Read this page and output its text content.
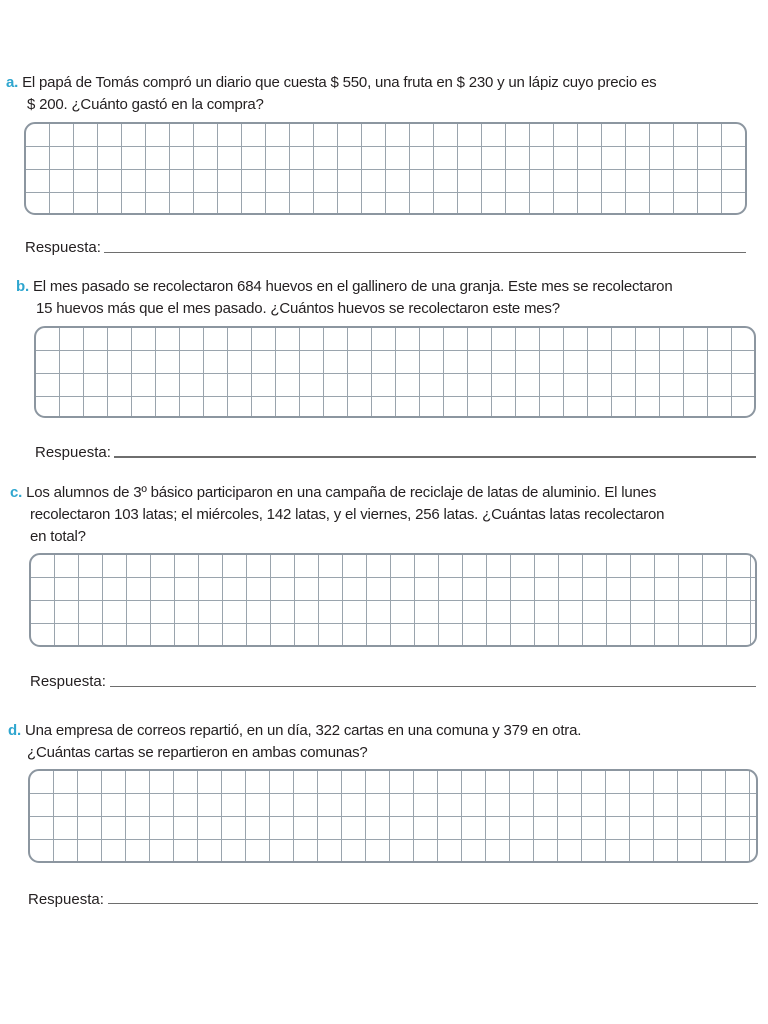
a. El papá de Tomás compró un diario que cuesta $ 550, una fruta en $ 230 y un lápiz cuyo precio es
$ 200. ¿Cuánto gastó en la compra?
Respuesta:
b. El mes pasado se recolectaron 684 huevos en el gallinero de una granja. Este mes se recolectaron
15 huevos más que el mes pasado. ¿Cuántos huevos se recolectaron este mes?
Respuesta:
c. Los alumnos de 3º básico participaron en una campaña de reciclaje de latas de aluminio. El lunes
recolectaron 103 latas; el miércoles, 142 latas, y el viernes, 256 latas. ¿Cuántas latas recolectaron
en total?
Respuesta:
d. Una empresa de correos repartió, en un día, 322 cartas en una comuna y 379 en otra.
¿Cuántas cartas se repartieron en ambas comunas?
Respuesta:
